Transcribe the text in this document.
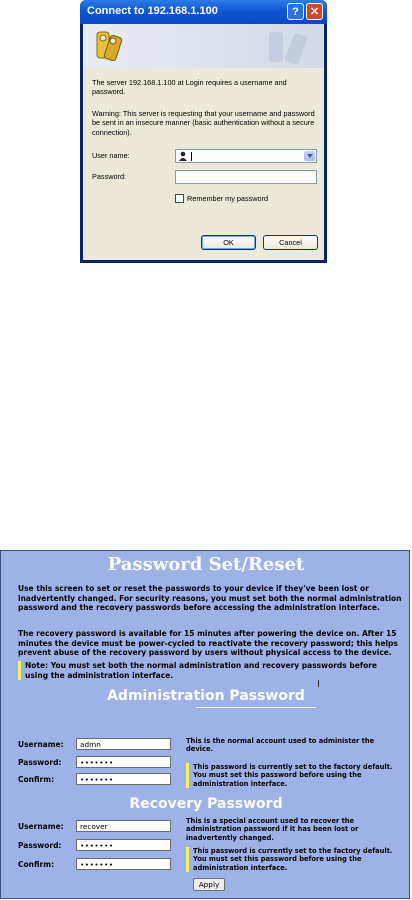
Connect to 192.168.1.100	?	✕
The server 192.168.1.100 at Login requires a username and password.
Warning: This server is requesting that your username and password be sent in an insecure manner (basic authentication without a secure connection).
User name:
Password:
Remember my password
OK	Cancel
Password Set/Reset
Use this screen to set or reset the passwords to your device if they've been lost or inadvertently changed. For security reasons, you must set both the normal administration password and the recovery passwords before accessing the administration interface.
The recovery password is available for 15 minutes after powering the device on. After 15 minutes the device must be power-cycled to reactivate the recovery password; this helps prevent abuse of the recovery password by users without physical access to the device.
Note: You must set both the normal administration and recovery passwords before using the administration interface.
I
Administration Password
Username:
admn
Password:
•••••••
Confirm:
•••••••
This is the normal account used to administer the device.
This password is currently set to the factory default. You must set this password before using the administration interface.
Recovery Password
Username:
recover
Password:
•••••••
Confirm:
•••••••
This is a special account used to recover the administration password if it has been lost or inadvertently changed.
This password is currently set to the factory default. You must set this password before using the administration interface.
Apply
